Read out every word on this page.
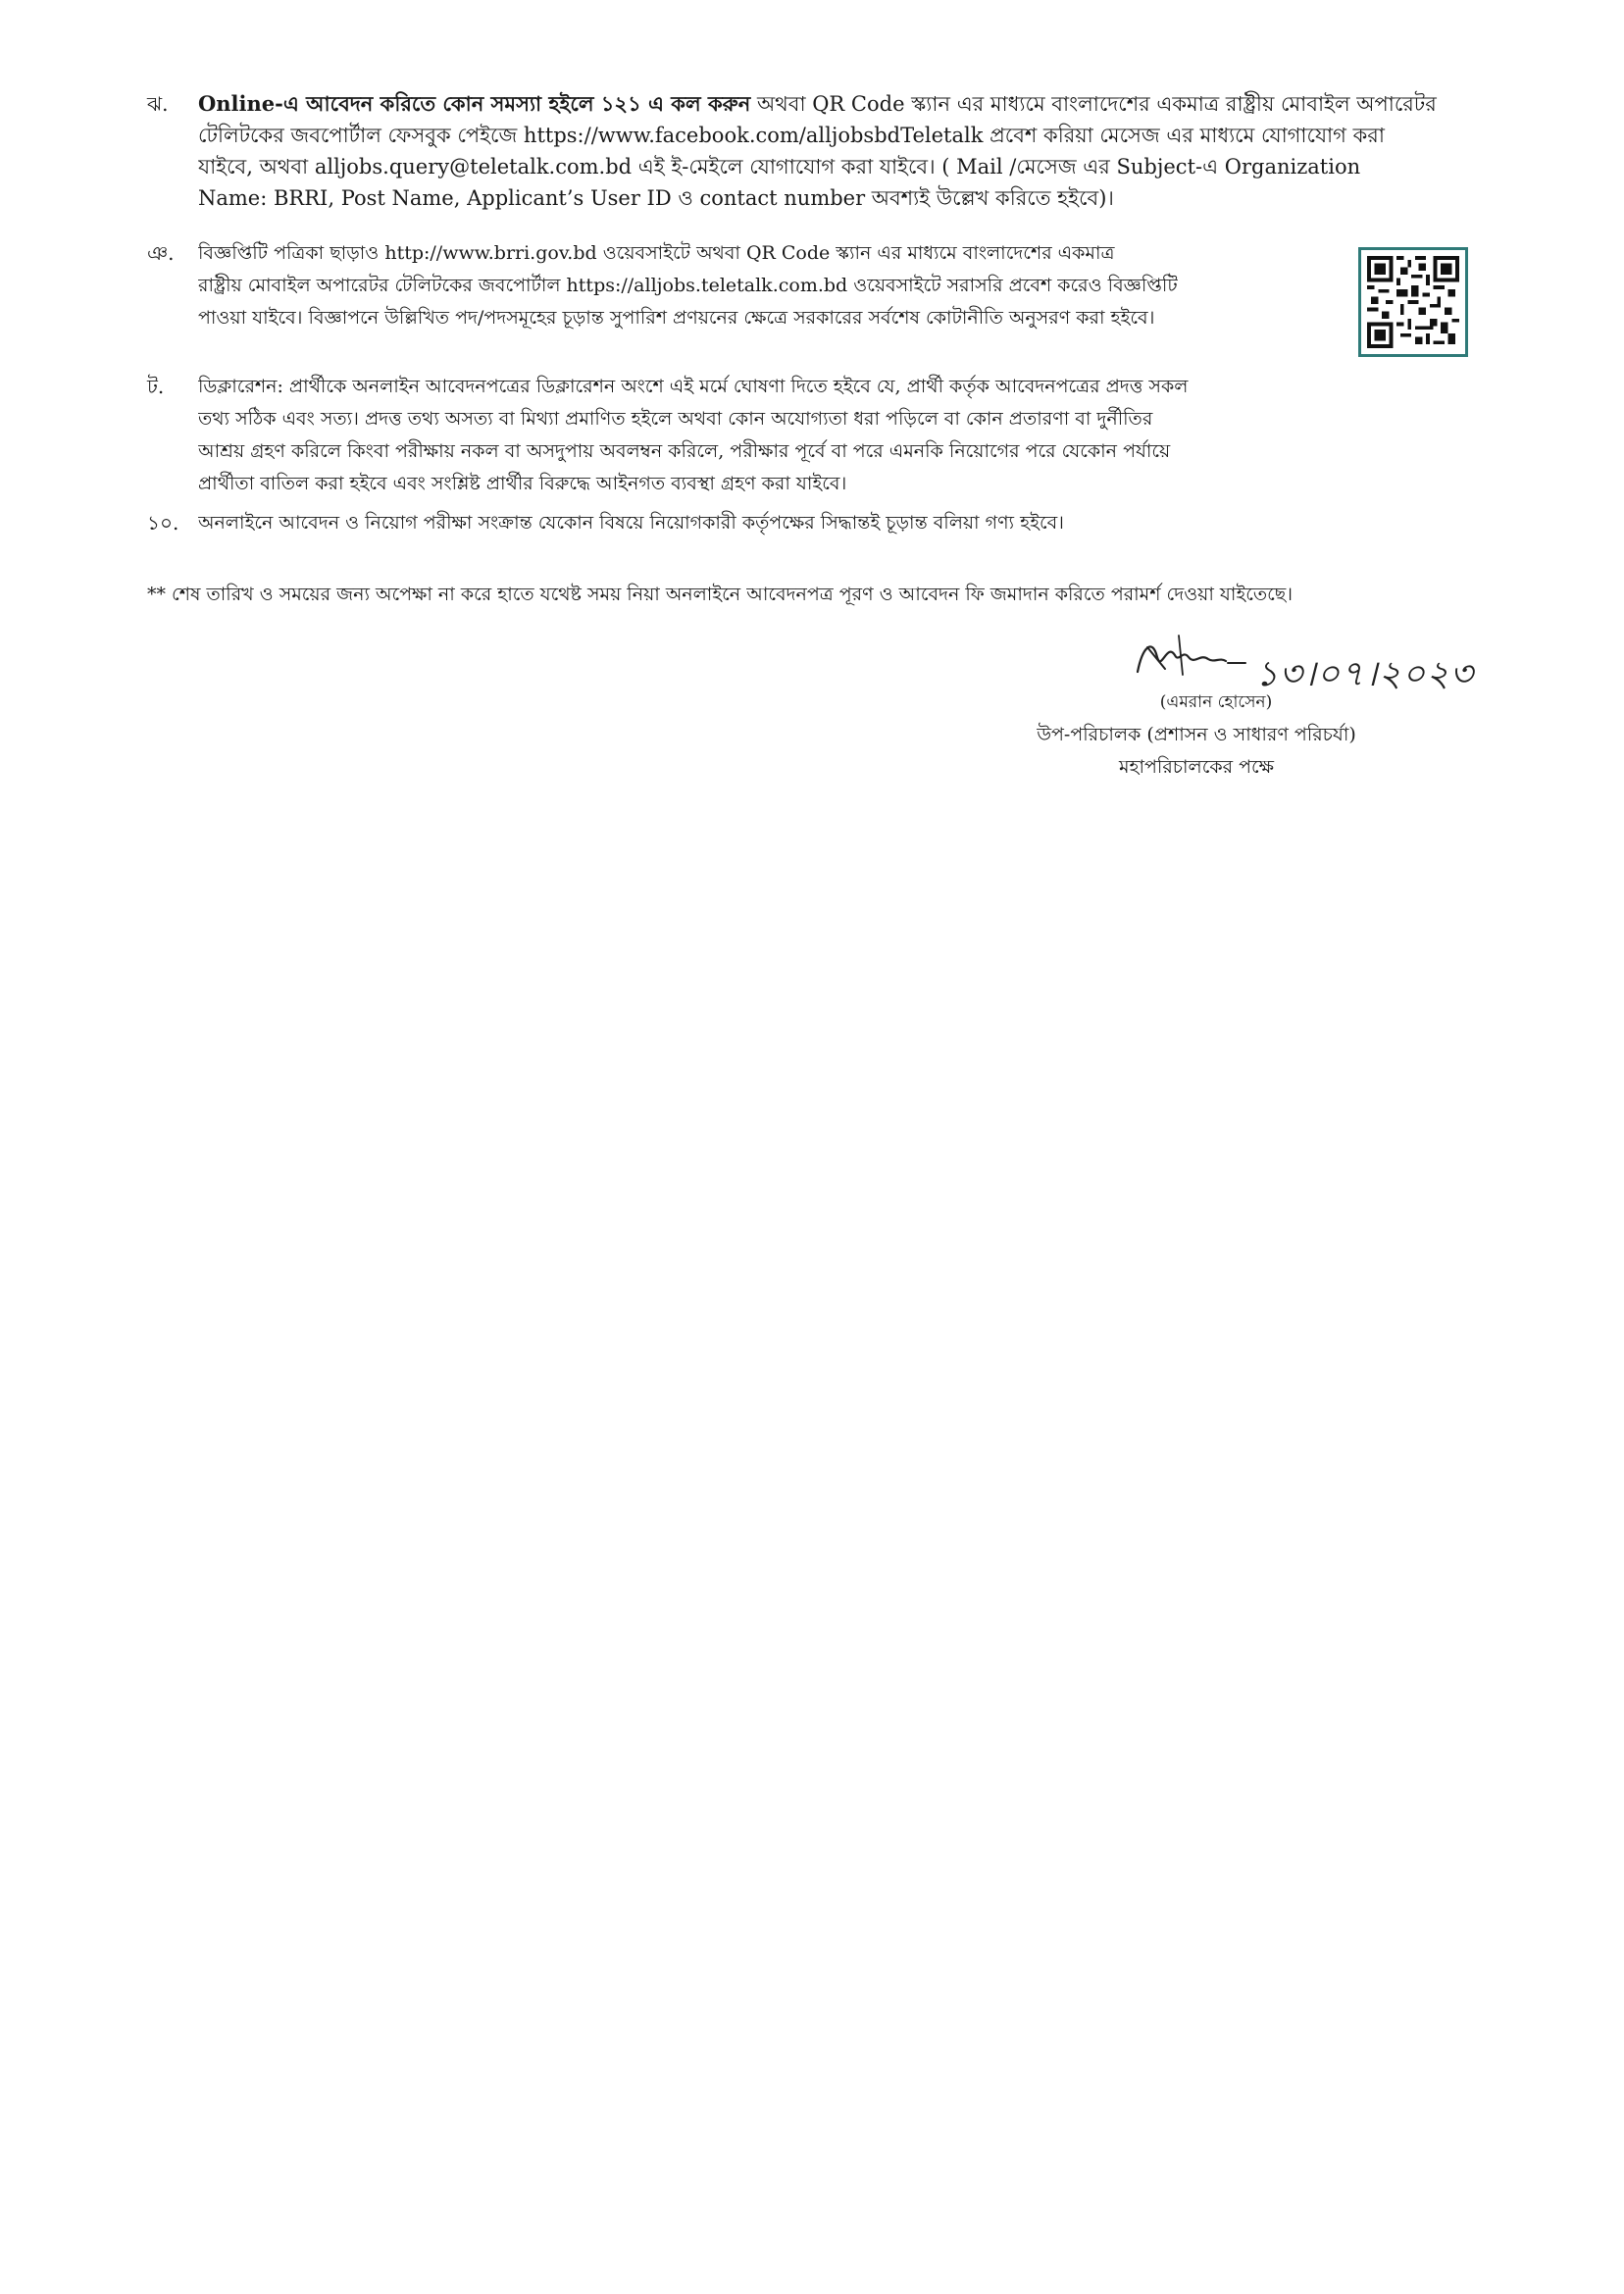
ঝ.	Online-এ আবেদন করিতে কোন সমস্যা হইলে ১২১ এ কল করুন অথবা QR Code স্ক্যান এর মাধ্যমে বাংলাদেশের একমাত্র রাষ্ট্রীয় মোবাইল অপারেটর
টেলিটকের জবপোর্টাল ফেসবুক পেইজে https://www.facebook.com/alljobsbdTeletalk প্রবেশ করিয়া মেসেজ এর মাধ্যমে যোগাযোগ করা
যাইবে, অথবা alljobs.query@teletalk.com.bd এই ই-মেইলে যোগাযোগ করা যাইবে। ( Mail /মেসেজ এর Subject-এ Organization
Name: BRRI, Post Name, Applicant’s User ID ও contact number অবশ্যই উল্লেখ করিতে হইবে)।
ঞ.	বিজ্ঞপ্তিটি পত্রিকা ছাড়াও http://www.brri.gov.bd ওয়েবসাইটে অথবা QR Code স্ক্যান এর মাধ্যমে বাংলাদেশের একমাত্র
রাষ্ট্রীয় মোবাইল অপারেটর টেলিটকের জবপোর্টাল https://alljobs.teletalk.com.bd ওয়েবসাইটে সরাসরি প্রবেশ করেও বিজ্ঞপ্তিটি
পাওয়া যাইবে। বিজ্ঞাপনে উল্লিখিত পদ/পদসমূহের চূড়ান্ত সুপারিশ প্রণয়নের ক্ষেত্রে সরকারের সর্বশেষ কোটানীতি অনুসরণ করা হইবে।
ট.	ডিক্লারেশন: প্রার্থীকে অনলাইন আবেদনপত্রের ডিক্লারেশন অংশে এই মর্মে ঘোষণা দিতে হইবে যে, প্রার্থী কর্তৃক আবেদনপত্রের প্রদত্ত সকল
তথ্য সঠিক এবং সত্য। প্রদত্ত তথ্য অসত্য বা মিথ্যা প্রমাণিত হইলে অথবা কোন অযোগ্যতা ধরা পড়িলে বা কোন প্রতারণা বা দুর্নীতির
আশ্রয় গ্রহণ করিলে কিংবা পরীক্ষায় নকল বা অসদুপায় অবলম্বন করিলে, পরীক্ষার পূর্বে বা পরে এমনকি নিয়োগের পরে যেকোন পর্যায়ে
প্রার্থীতা বাতিল করা হইবে এবং সংশ্লিষ্ট প্রার্থীর বিরুদ্ধে আইনগত ব্যবস্থা গ্রহণ করা যাইবে।
১০.	অনলাইনে আবেদন ও নিয়োগ পরীক্ষা সংক্রান্ত যেকোন বিষয়ে নিয়োগকারী কর্তৃপক্ষের সিদ্ধান্তই চূড়ান্ত বলিয়া গণ্য হইবে।
** শেষ তারিখ ও সময়ের জন্য অপেক্ষা না করে হাতে যথেষ্ট সময় নিয়া অনলাইনে আবেদনপত্র পূরণ ও আবেদন ফি জমাদান করিতে পরামর্শ দেওয়া যাইতেছে।
১৩।০৭।২০২৩
(এমরান হোসেন)
উপ-পরিচালক (প্রশাসন ও সাধারণ পরিচর্যা)
মহাপরিচালকের পক্ষে
